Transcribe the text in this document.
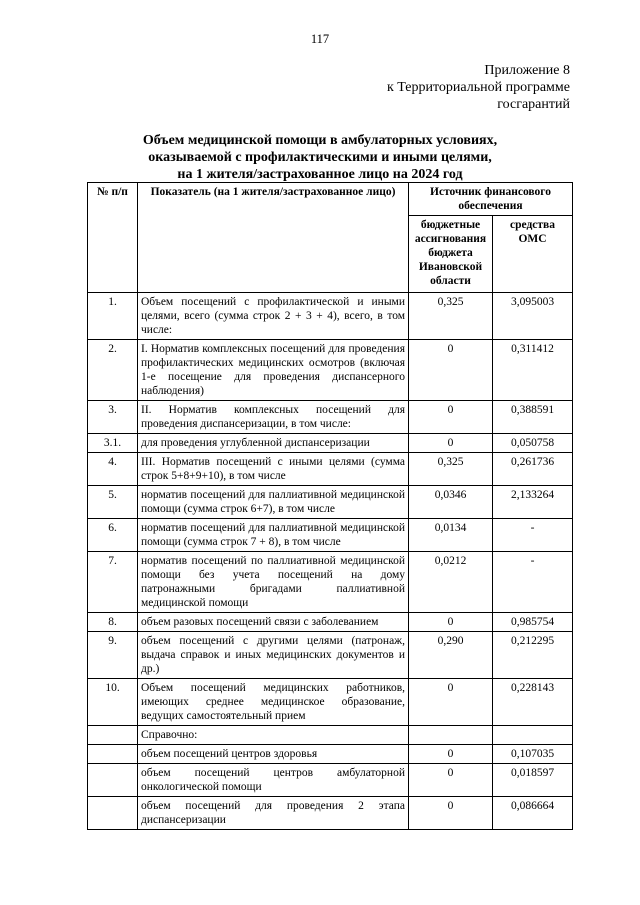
117
Приложение 8
к Территориальной программе
госгарантий
Объем медицинской помощи в амбулаторных условиях,
оказываемой с профилактическими и иными целями,
на 1 жителя/застрахованное лицо на 2024 год
№ п/п	Показатель (на 1 жителя/застрахованное лицо)	Источник финансового обеспечения	
		бюджетные ассигнования бюджета Ивановской области	средства ОМС
1.	Объем посещений с профилактической и иными целями, всего (сумма строк 2 + 3 + 4), всего, в том числе:	0,325	3,095003
2.	I. Норматив комплексных посещений для проведения профилактических медицинских осмотров (включая 1-е посещение для проведения диспансерного наблюдения)	0	0,311412
3.	II. Норматив комплексных посещений для проведения диспансеризации, в том числе:	0	0,388591
3.1.	для проведения углубленной диспансеризации	0	0,050758
4.	III. Норматив посещений с иными целями (сумма строк 5+8+9+10), в том числе	0,325	0,261736
5.	норматив посещений для паллиативной медицинской помощи (сумма строк 6+7), в том числе	0,0346	2,133264
6.	норматив посещений для паллиативной медицинской помощи (сумма строк 7 + 8), в том числе	0,0134	-
7.	норматив посещений по паллиативной медицинской помощи без учета посещений на дому патронажными бригадами паллиативной медицинской помощи	0,0212	-
8.	объем разовых посещений связи с заболеванием	0	0,985754
9.	объем посещений с другими целями (патронаж, выдача справок и иных медицинских документов и др.)	0,290	0,212295
10.	Объем посещений медицинских работников, имеющих среднее медицинское образование, ведущих самостоятельный прием	0	0,228143
	Справочно:		
	объем посещений центров здоровья	0	0,107035
	объем посещений центров амбулаторной онкологической помощи	0	0,018597
	объем посещений для проведения 2 этапа диспансеризации	0	0,086664
